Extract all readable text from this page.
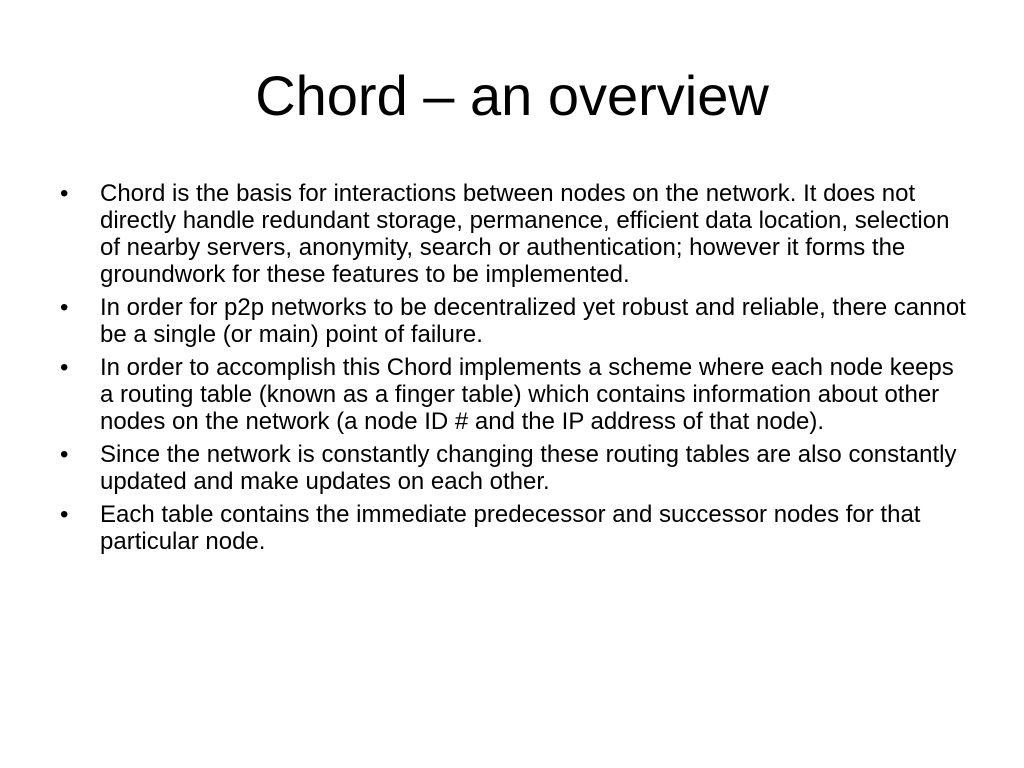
Chord – an overview
• Chord is the basis for interactions between nodes on the network. It does not directly handle redundant storage, permanence, efficient data location, selection of nearby servers, anonymity, search or authentication; however it forms the groundwork for these features to be implemented.
• In order for p2p networks to be decentralized yet robust and reliable, there cannot be a single (or main) point of failure.
• In order to accomplish this Chord implements a scheme where each node keeps a routing table (known as a finger table) which contains information about other nodes on the network (a node ID # and the IP address of that node).
• Since the network is constantly changing these routing tables are also constantly updated and make updates on each other.
• Each table contains the immediate predecessor and successor nodes for that particular node.
